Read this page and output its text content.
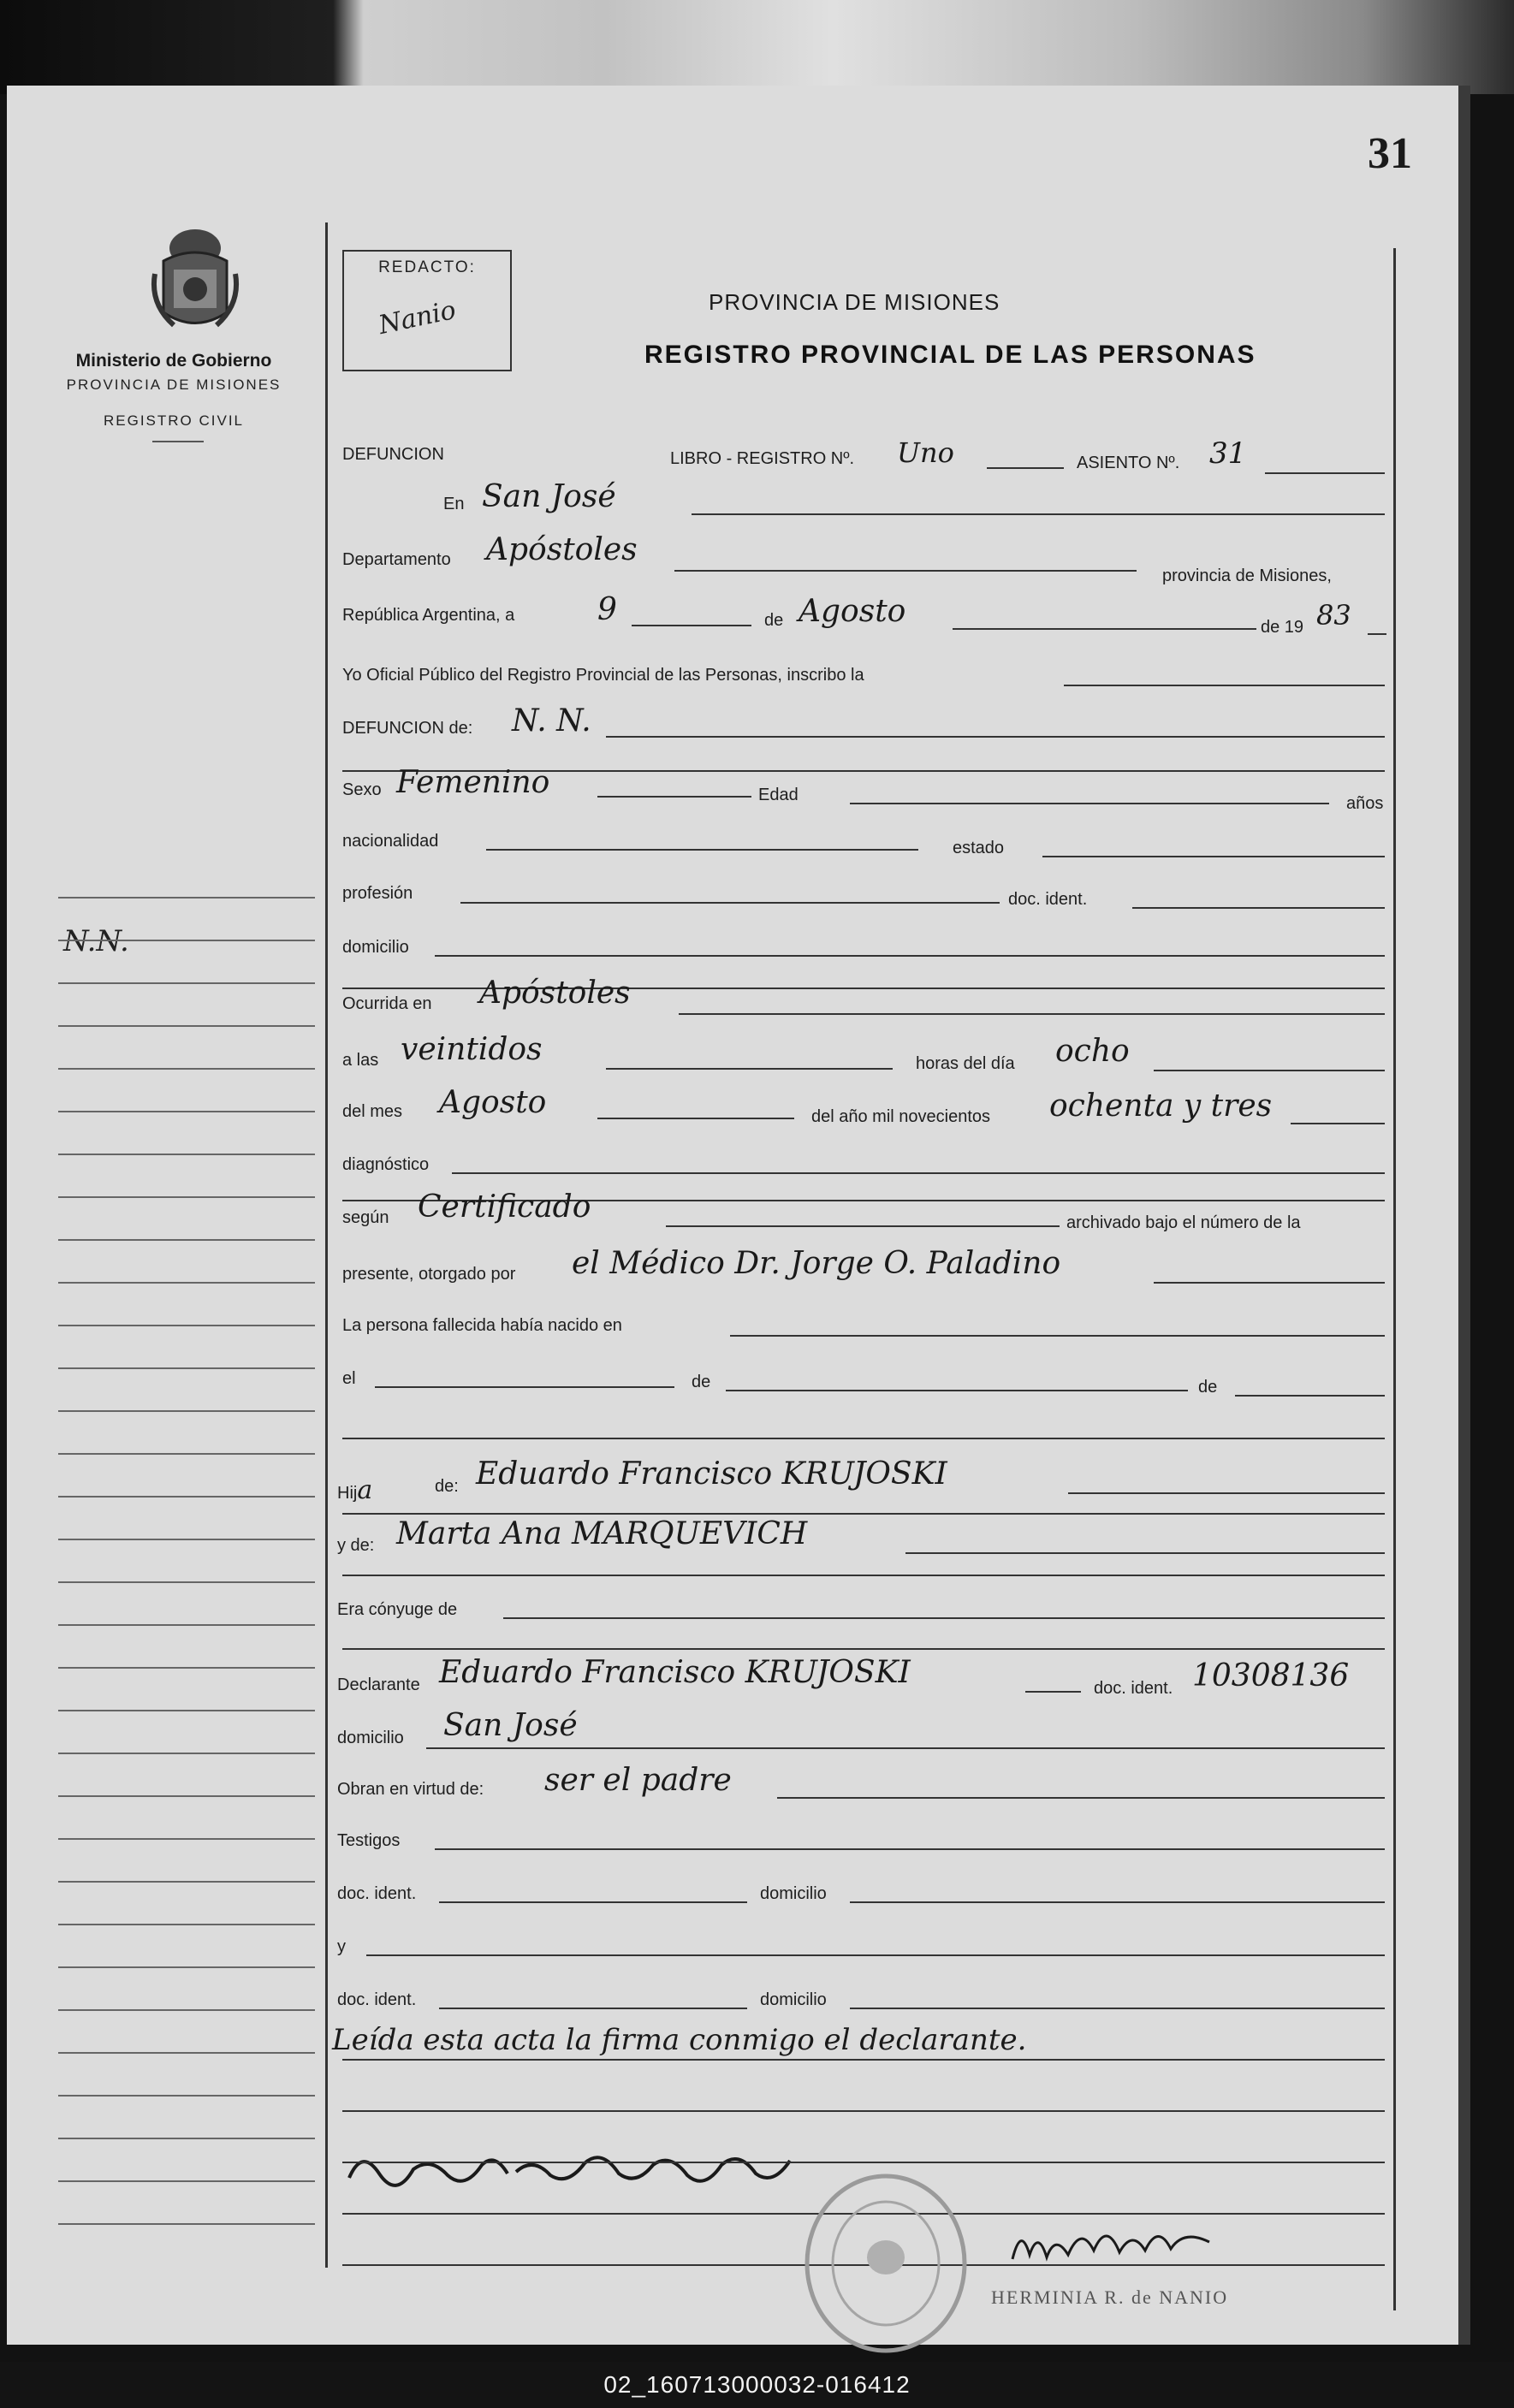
31
Ministerio de Gobierno
PROVINCIA DE MISIONES
REGISTRO CIVIL
N.N.
REDACTO:
Nanio	PROVINCIA DE MISIONES
REGISTRO PROVINCIAL DE LAS PERSONAS
DEFUNCION	LIBRO - REGISTRO Nº. Uno	ASIENTO Nº. 31
En San José
Departamento Apóstoles
provincia de Misiones,
República Argentina, a	9	de Agosto	de 19 83
Yo Oficial Público del Registro Provincial de las Personas, inscribo la
DEFUNCION de: N. N.
Sexo Femenino	Edad	años
nacionalidad	estado
profesión	doc. ident.
domicilio
Ocurrida en Apóstoles
a las veintidos	horas del día ocho
del mes Agosto	del año mil novecientos ochenta y tres
diagnóstico
según Certificado	archivado bajo el número de la
presente, otorgado por el Médico Dr. Jorge O. Paladino
La persona fallecida había nacido en
el	de	de
Hija	de: Eduardo Francisco KRUJOSKI
y de: Marta Ana MARQUEVICH
Era cónyuge de
Declarante Eduardo Francisco KRUJOSKI	doc. ident. 10308136
domicilio San José
Obran en virtud de: ser el padre
Testigos
doc. ident.	domicilio
y
doc. ident.	domicilio
Leída esta acta la firma conmigo el declarante.
HERMINIA R. de NANIO
02_160713000032-016412
